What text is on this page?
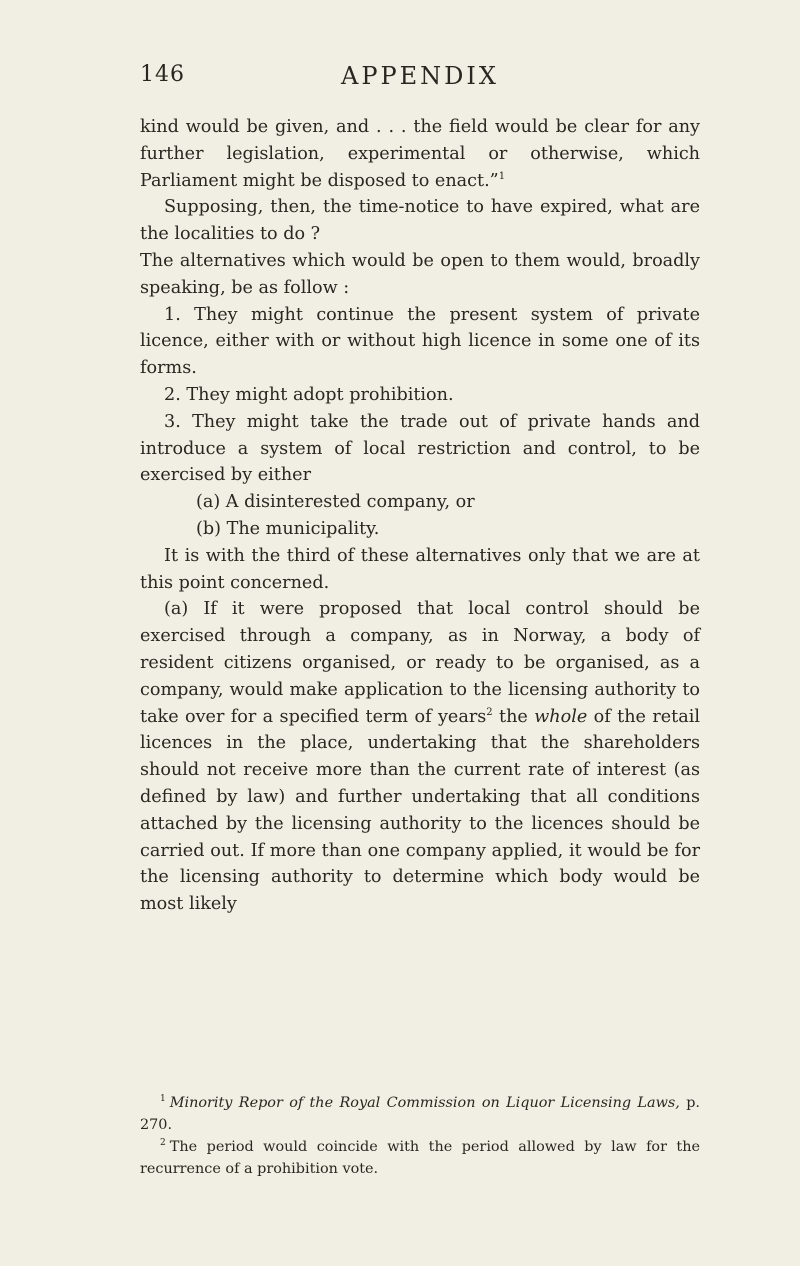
146	APPENDIX

kind would be given, and . . . the field would be clear for any further legislation, experimental or otherwise, which Parliament might be disposed to enact.”$^1$

Supposing, then, the time-notice to have expired, what are the localities to do ?

The alternatives which would be open to them would, broadly speaking, be as follow :

1. They might continue the present system of private licence, either with or without high licence in some one of its forms.

2. They might adopt prohibition.

3. They might take the trade out of private hands and introduce a system of local restriction and control, to be exercised by either

(a) A disinterested company, or

(b) The municipality.

It is with the third of these alternatives only that we are at this point concerned.

(a) If it were proposed that local control should be exercised through a company, as in Norway, a body of resident citizens organised, or ready to be organised, as a company, would make application to the licensing authority to take over for a specified term of years$^2$ the whole of the retail licences in the place, undertaking that the shareholders should not receive more than the current rate of interest (as defined by law) and further undertaking that all conditions attached by the licensing authority to the licences should be carried out. If more than one company applied, it would be for the licensing authority to determine which body would be most likely

$^1$ Minority Repor of the Royal Commission on Liquor Licensing Laws, p. 270.

$^2$ The period would coincide with the period allowed by law for the recurrence of a prohibition vote.
